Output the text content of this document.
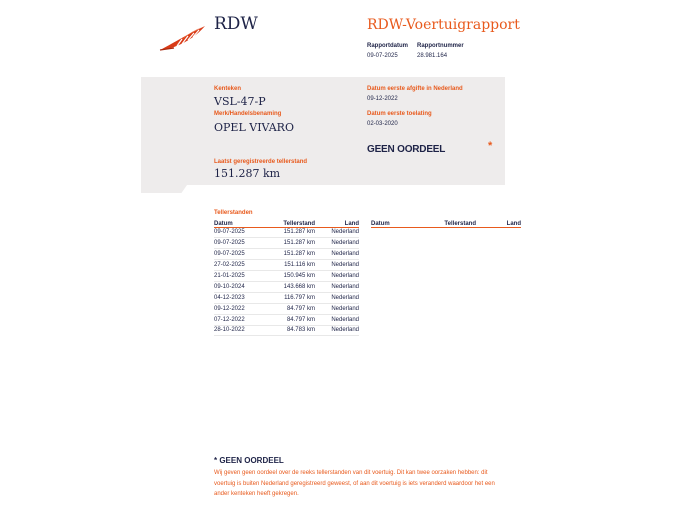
RDW	RDW-Voertuigrapport
Rapportdatum Rapportnummer
09-07-2025	28.981.164
Kenteken
VSL-47-P
Merk/Handelsbenaming
OPEL VIVARO
Laatst geregistreerde tellerstand
151.287 km
Datum eerste afgifte in Nederland
09-12-2022
Datum eerste toelating
02-03-2020
GEEN OORDEEL	*
Tellerstanden
Datum	Tellerstand	Land
09-07-2025	151.287 km	Nederland
09-07-2025	151.287 km	Nederland
09-07-2025	151.287 km	Nederland
27-02-2025	151.116 km	Nederland
21-01-2025	150.945 km	Nederland
09-10-2024	143.668 km	Nederland
04-12-2023	116.797 km	Nederland
09-12-2022	84.797 km	Nederland
07-12-2022	84.797 km	Nederland
28-10-2022	84.783 km	Nederland
Datum	Tellerstand	Land
* GEEN OORDEEL
Wij geven geen oordeel over de reeks tellerstanden van dit voertuig. Dit kan twee oorzaken hebben: dit voertuig is buiten Nederland geregistreerd geweest, of aan dit voertuig is iets veranderd waardoor het een ander kenteken heeft gekregen.
